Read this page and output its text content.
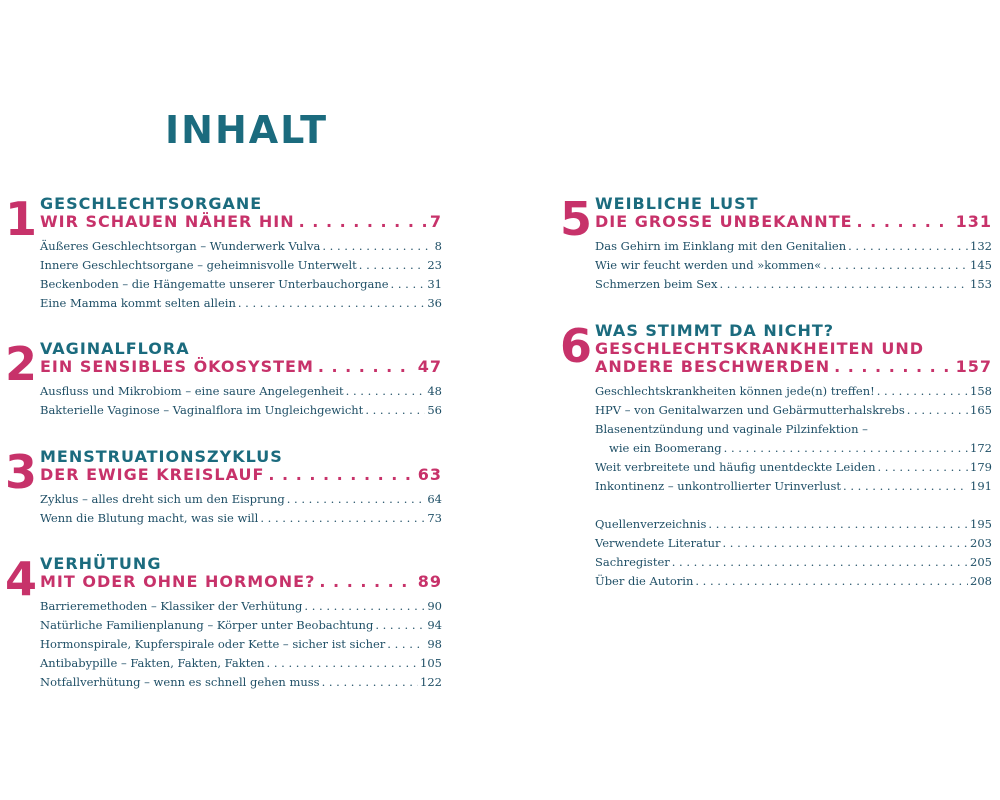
INHALT
1 GESCHLECHTSORGANE
WIR SCHAUEN NÄHER HIN . . .	7
Äußeres Geschlechtsorgan – Wunderwerk Vulva . . .	8
Innere Geschlechtsorgane – geheimnisvolle Unterwelt . . .	23
Beckenboden – die Hängematte unserer Unterbauchorgane . . .	31
Eine Mamma kommt selten allein . . .	36
2 VAGINALFLORA
EIN SENSIBLES ÖKOSYSTEM . . .	47
Ausfluss und Mikrobiom – eine saure Angelegenheit . . .	48
Bakterielle Vaginose – Vaginalflora im Ungleichgewicht . . .	56
3 MENSTRUATIONSZYKLUS
DER EWIGE KREISLAUF . . .	63
Zyklus – alles dreht sich um den Eisprung . . .	64
Wenn die Blutung macht, was sie will . . .	73
4 VERHÜTUNG
MIT ODER OHNE HORMONE? . . .	89
Barrieremethoden – Klassiker der Verhütung . . .	90
Natürliche Familienplanung – Körper unter Beobachtung . . .	94
Hormonspirale, Kupferspirale oder Kette – sicher ist sicher . . .	98
Antibabypille – Fakten, Fakten, Fakten . . .	105
Notfallverhütung – wenn es schnell gehen muss . . .	122
5 WEIBLICHE LUST
DIE GROSSE UNBEKANNTE . . .	131
Das Gehirn im Einklang mit den Genitalien . . .	132
Wie wir feucht werden und »kommen« . . .	145
Schmerzen beim Sex . . .	153
6 WAS STIMMT DA NICHT?
GESCHLECHTSKRANKHEITEN UND
ANDERE BESCHWERDEN . . .	157
Geschlechtskrankheiten können jede(n) treffen! . . .	158
HPV – von Genitalwarzen und Gebärmutterhalskrebs . . .	165
Blasenentzündung und vaginale Pilzinfektion –
wie ein Boomerang . . .	172
Weit verbreitete und häufig unentdeckte Leiden . . .	179
Inkontinenz – unkontrollierter Urinverlust . . .	191
Quellenverzeichnis . . .	195
Verwendete Literatur . . .	203
Sachregister . . .	205
Über die Autorin . . .	208
